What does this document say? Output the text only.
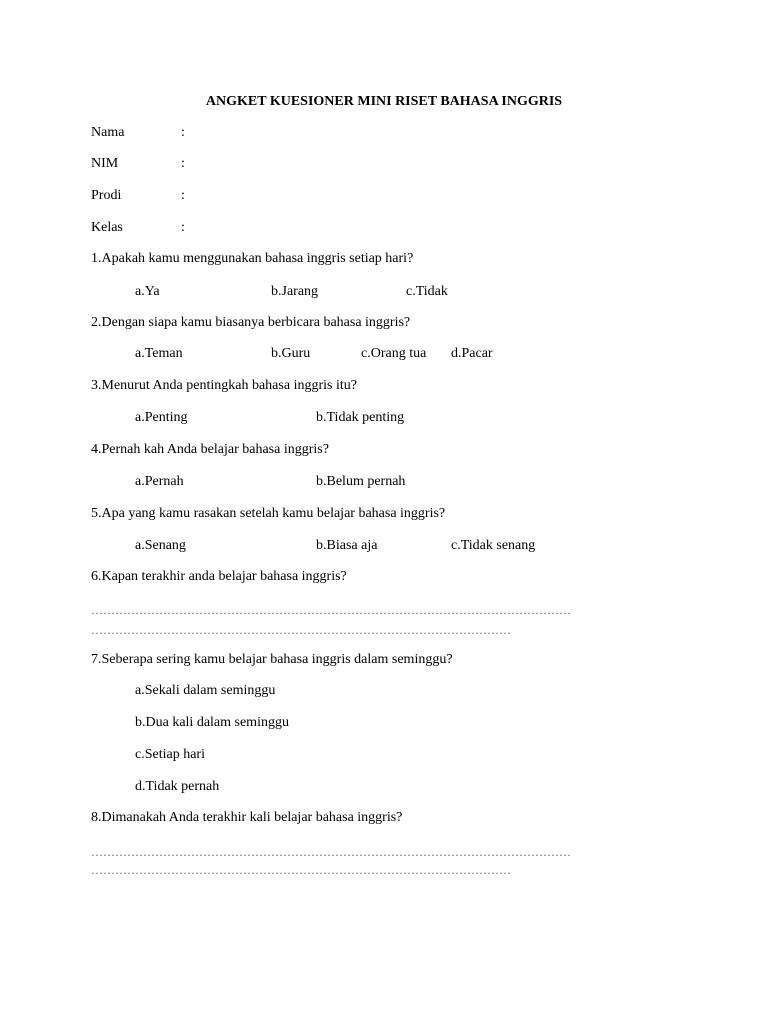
ANGKET KUESIONER MINI RISET BAHASA INGGRIS
Nama	:
NIM	:
Prodi	:
Kelas	:
1.Apakah kamu menggunakan bahasa inggris setiap hari?
a.Ya	b.Jarang	c.Tidak
2.Dengan siapa kamu biasanya berbicara bahasa inggris?
a.Teman	b.Guru	c.Orang tua d.Pacar
3.Menurut Anda pentingkah bahasa inggris itu?
a.Penting	b.Tidak penting
4.Pernah kah Anda belajar bahasa inggris?
a.Pernah	b.Belum pernah
5.Apa yang kamu rasakan setelah kamu belajar bahasa inggris?
a.Senang	b.Biasa aja	c.Tidak senang
6.Kapan terakhir anda belajar bahasa inggris?
…………………………………………………………………………………………………………
……………………………………………………………………………………………
7.Seberapa sering kamu belajar bahasa inggris dalam seminggu?
a.Sekali dalam seminggu
b.Dua kali dalam seminggu
c.Setiap hari
d.Tidak pernah
8.Dimanakah Anda terakhir kali belajar bahasa inggris?
…………………………………………………………………………………………………………
……………………………………………………………………………………………
